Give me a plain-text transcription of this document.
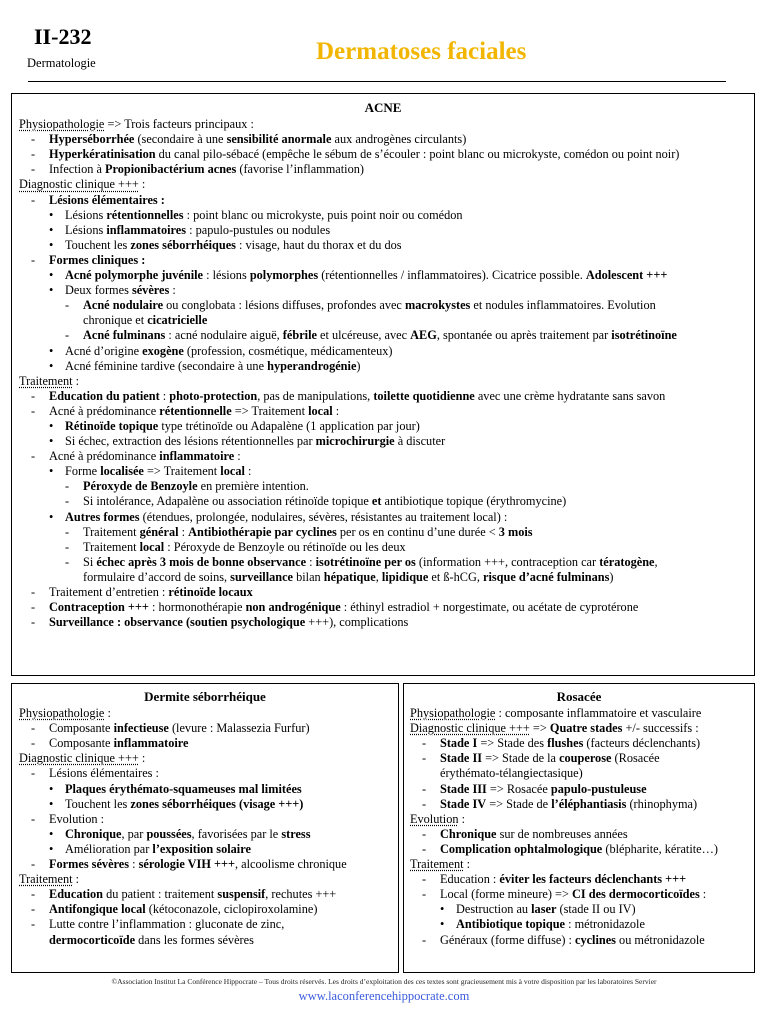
II-232
Dermatologie	Dermatoses faciales
ACNE
Physiopathologie => Trois facteurs principaux :
- Hyperséborrhée (secondaire à une sensibilité anormale aux androgènes circulants)
- Hyperkératinisation du canal pilo-sébacé (empêche le sébum de s’écouler : point blanc ou microkyste, comédon ou point noir)
- Infection à Propionibactérium acnes (favorise l’inflammation)
Diagnostic clinique +++ :
- Lésions élémentaires :
• Lésions rétentionnelles : point blanc ou microkyste, puis point noir ou comédon
• Lésions inflammatoires : papulo-pustules ou nodules
• Touchent les zones séborrhéiques : visage, haut du thorax et du dos
- Formes cliniques :
• Acné polymorphe juvénile : lésions polymorphes (rétentionnelles / inflammatoires). Cicatrice possible. Adolescent +++
• Deux formes sévères :
- Acné nodulaire ou conglobata : lésions diffuses, profondes avec macrokystes et nodules inflammatoires. Evolution
chronique et cicatricielle
- Acné fulminans : acné nodulaire aiguë, fébrile et ulcéreuse, avec AEG, spontanée ou après traitement par isotrétinoïne
• Acné d’origine exogène (profession, cosmétique, médicamenteux)
• Acné féminine tardive (secondaire à une hyperandrogénie)
Traitement :
- Education du patient : photo-protection, pas de manipulations, toilette quotidienne avec une crème hydratante sans savon
- Acné à prédominance rétentionnelle => Traitement local :
• Rétinoïde topique type trétinoïde ou Adapalène (1 application par jour)
• Si échec, extraction des lésions rétentionnelles par microchirurgie à discuter
- Acné à prédominance inflammatoire :
• Forme localisée => Traitement local :
- Péroxyde de Benzoyle en première intention.
- Si intolérance, Adapalène ou association rétinoïde topique et antibiotique topique (érythromycine)
• Autres formes (étendues, prolongée, nodulaires, sévères, résistantes au traitement local) :
- Traitement général : Antibiothérapie par cyclines per os en continu d’une durée < 3 mois
- Traitement local : Péroxyde de Benzoyle ou rétinoïde ou les deux
- Si échec après 3 mois de bonne observance : isotrétinoïne per os (information +++, contraception car tératogène,
formulaire d’accord de soins, surveillance bilan hépatique, lipidique et ß-hCG, risque d’acné fulminans)
- Traitement d’entretien : rétinoïde locaux
- Contraception +++ : hormonothérapie non androgénique : éthinyl estradiol + norgestimate, ou acétate de cyprotérone
- Surveillance : observance (soutien psychologique +++), complications
Dermite séborrhéique
Physiopathologie :
- Composante infectieuse (levure : Malassezia Furfur)
- Composante inflammatoire
Diagnostic clinique +++ :
- Lésions élémentaires :
• Plaques érythémato-squameuses mal limitées
• Touchent les zones séborrhéiques (visage +++)
- Evolution :
• Chronique, par poussées, favorisées par le stress
• Amélioration par l’exposition solaire
- Formes sévères : sérologie VIH +++, alcoolisme chronique
Traitement :
- Education du patient : traitement suspensif, rechutes +++
- Antifongique local (kétoconazole, ciclopiroxolamine)
- Lutte contre l’inflammation : gluconate de zinc,
dermocorticoïde dans les formes sévères
Rosacée
Physiopathologie : composante inflammatoire et vasculaire
Diagnostic clinique +++ => Quatre stades +/- successifs :
- Stade I => Stade des flushes (facteurs déclenchants)
- Stade II => Stade de la couperose (Rosacée
érythémato-télangiectasique)
- Stade III => Rosacée papulo-pustuleuse
- Stade IV => Stade de l’éléphantiasis (rhinophyma)
Evolution :
- Chronique sur de nombreuses années
- Complication ophtalmologique (blépharite, kératite…)
Traitement :
- Education : éviter les facteurs déclenchants +++
- Local (forme mineure) => CI des dermocorticoïdes :
• Destruction au laser (stade II ou IV)
• Antibiotique topique : métronidazole
- Généraux (forme diffuse) : cyclines ou métronidazole
©Association Institut La Conférence Hippocrate – Tous droits réservés. Les droits d’exploitation des ces textes sont gracieusement mis à votre disposition par les laboratoires Servier
www.laconferencehippocrate.com
